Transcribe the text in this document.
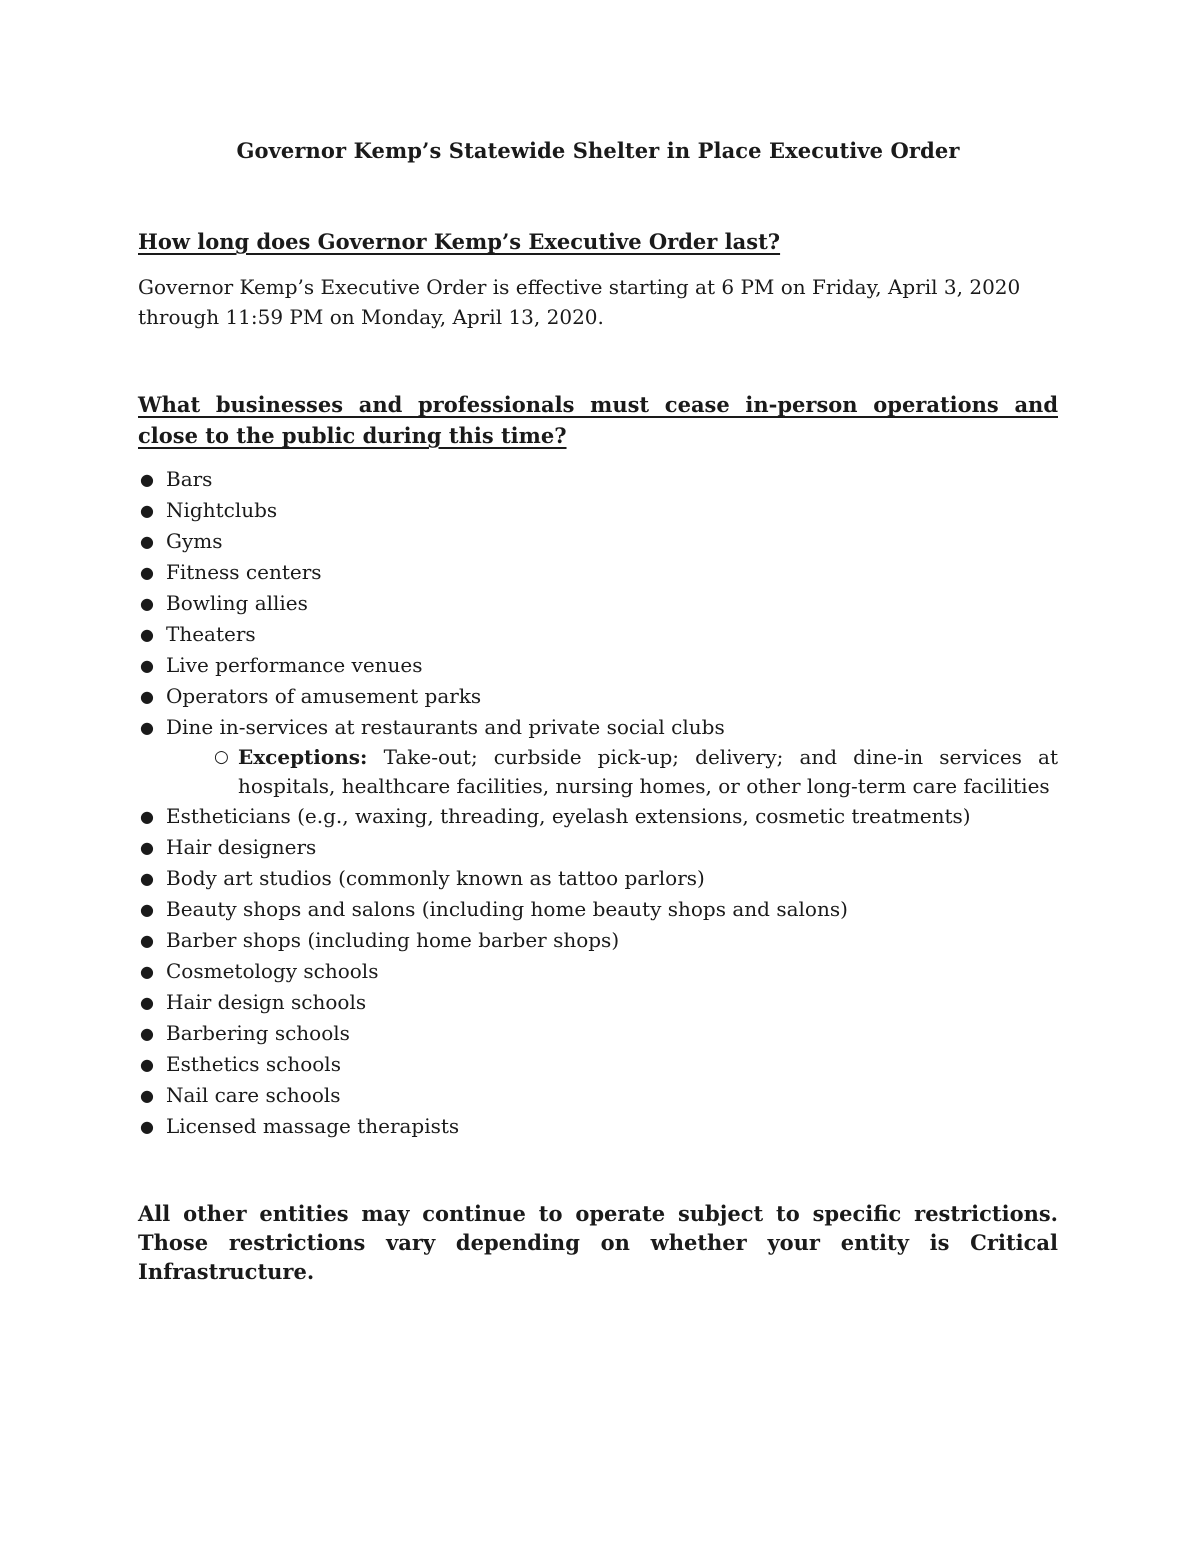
Governor Kemp’s Statewide Shelter in Place Executive Order
How long does Governor Kemp’s Executive Order last?
Governor Kemp’s Executive Order is effective starting at 6 PM on Friday, April 3, 2020 through 11:59 PM on Monday, April 13, 2020.
What businesses and professionals must cease in-person operations and close to the public during this time?
● Bars
● Nightclubs
● Gyms
● Fitness centers
● Bowling allies
● Theaters
● Live performance venues
● Operators of amusement parks
● Dine in-services at restaurants and private social clubs
○ Exceptions: Take-out; curbside pick-up; delivery; and dine-in services at hospitals, healthcare facilities, nursing homes, or other long-term care facilities
● Estheticians (e.g., waxing, threading, eyelash extensions, cosmetic treatments)
● Hair designers
● Body art studios (commonly known as tattoo parlors)
● Beauty shops and salons (including home beauty shops and salons)
● Barber shops (including home barber shops)
● Cosmetology schools
● Hair design schools
● Barbering schools
● Esthetics schools
● Nail care schools
● Licensed massage therapists
All other entities may continue to operate subject to specific restrictions. Those restrictions vary depending on whether your entity is Critical Infrastructure.
